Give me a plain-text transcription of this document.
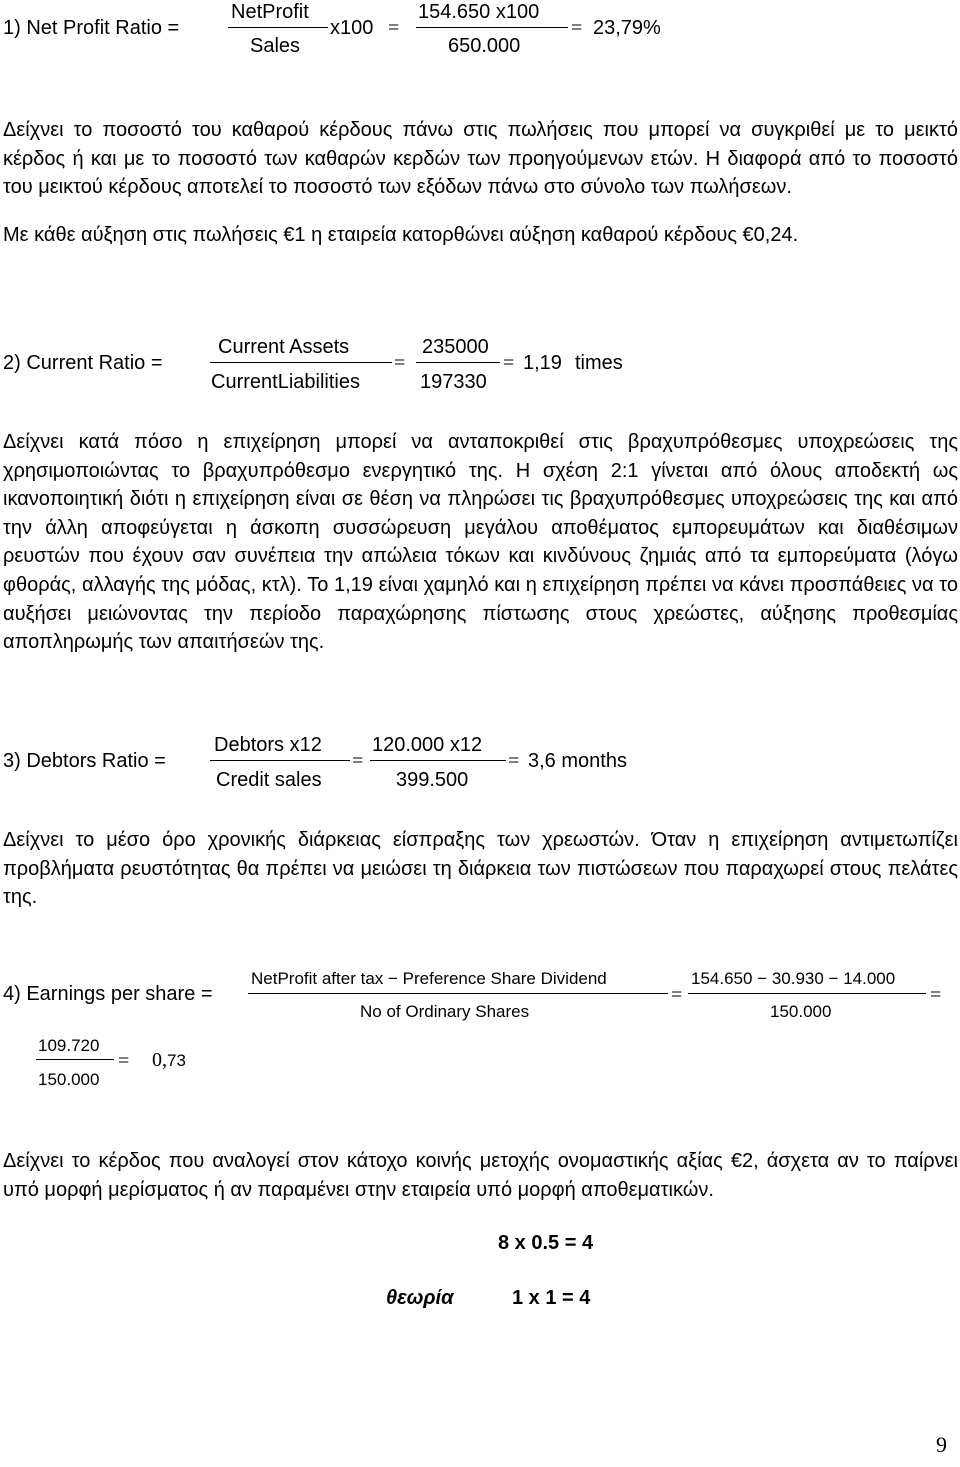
1) Net Profit Ratio =
NetProfit
Sales
x100 =
154.650 x100
650.000
= 23,79%
Δείχνει το ποσοστό του καθαρού κέρδους πάνω στις πωλήσεις που μπορεί να συγκριθεί με το μεικτό κέρδος ή και με το ποσοστό των καθαρών κερδών των προηγούμενων ετών. Η διαφορά από το ποσοστό του μεικτού κέρδους αποτελεί το ποσοστό των εξόδων πάνω στο σύνολο των πωλήσεων.
Με κάθε αύξηση στις πωλήσεις €1 η εταιρεία κατορθώνει αύξηση καθαρού κέρδους €0,24.
2) Current Ratio =
Current Assets
CurrentLiabilities
=
235000
197330
= 1,19 times
Δείχνει κατά πόσο η επιχείρηση μπορεί να ανταποκριθεί στις βραχυπρόθεσμες υποχρεώσεις της χρησιμοποιώντας το βραχυπρόθεσμο ενεργητικό της. Η σχέση 2:1 γίνεται από όλους αποδεκτή ως ικανοποιητική διότι η επιχείρηση είναι σε θέση να πληρώσει τις βραχυπρόθεσμες υποχρεώσεις της και από την άλλη αποφεύγεται η άσκοπη συσσώρευση μεγάλου αποθέματος εμπορευμάτων και διαθέσιμων ρευστών που έχουν σαν συνέπεια την απώλεια τόκων και κινδύνους ζημιάς από τα εμπορεύματα (λόγω φθοράς, αλλαγής της μόδας, κτλ). Το 1,19 είναι χαμηλό και η επιχείρηση πρέπει να κάνει προσπάθειες να το αυξήσει μειώνοντας την περίοδο παραχώρησης πίστωσης στους χρεώστες, αύξησης προθεσμίας αποπληρωμής των απαιτήσεών της.
3) Debtors Ratio =
Debtors x12
Credit sales
=
120.000 x12
399.500
= 3,6 months
Δείχνει το μέσο όρο χρονικής διάρκειας είσπραξης των χρεωστών. Όταν η επιχείρηση αντιμετωπίζει προβλήματα ρευστότητας θα πρέπει να μειώσει τη διάρκεια των πιστώσεων που παραχωρεί στους πελάτες της.
4) Earnings per share =
NetProfit after tax − Preference Share Dividend
No of Ordinary Shares
=
154.650 − 30.930 − 14.000
150.000
=
109.720
150.000
= 0,73
Δείχνει το κέρδος που αναλογεί στον κάτοχο κοινής μετοχής ονομαστικής αξίας €2, άσχετα αν το παίρνει υπό μορφή μερίσματος ή αν παραμένει στην εταιρεία υπό μορφή αποθεματικών.
8 x 0.5 = 4
θεωρία	1 x 1 = 4
9
